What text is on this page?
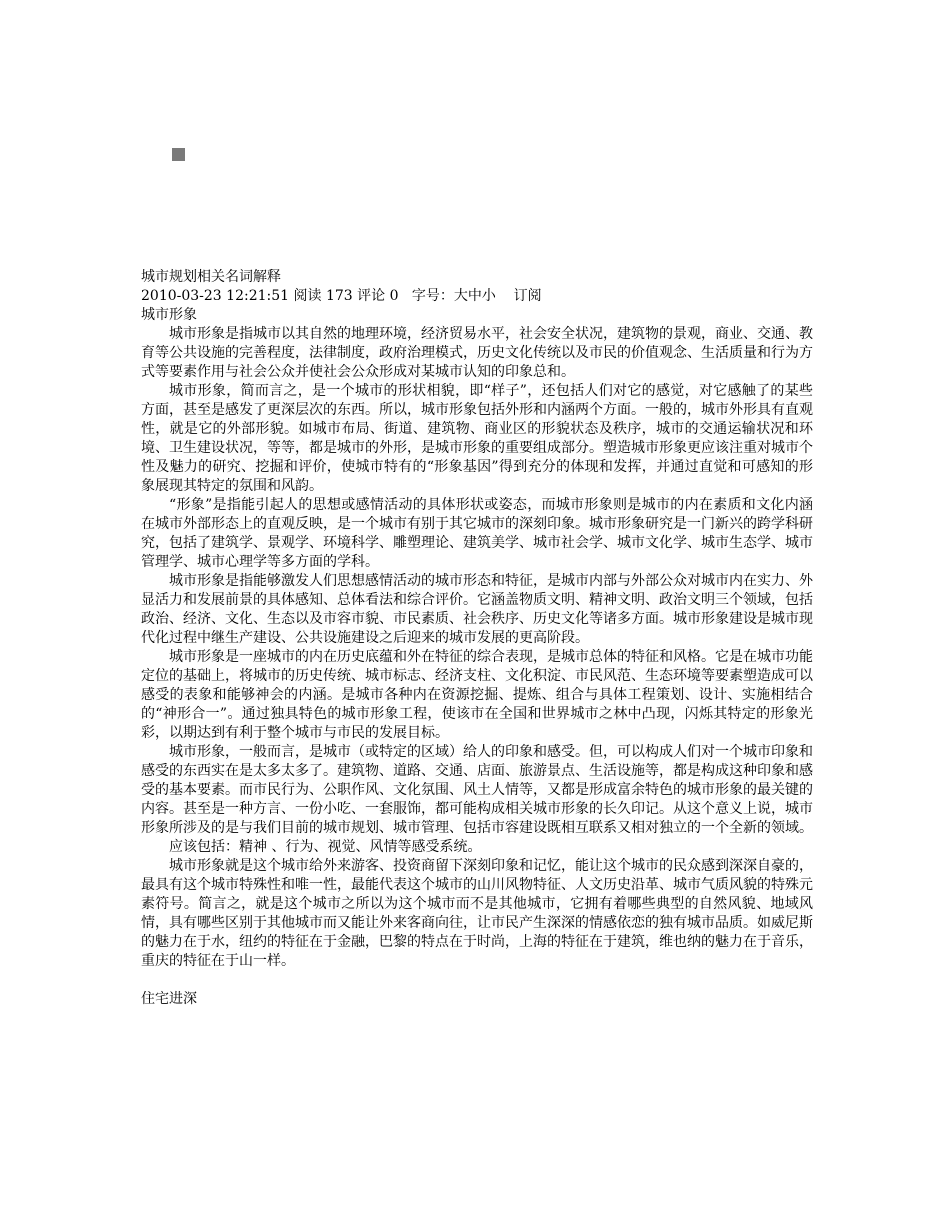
城市规划相关名词解释
2010-03-23 12:21:51 阅读 173 评论 0 字号：大中小 订阅
城市形象

城市形象是指城市以其自然的地理环境，经济贸易水平，社会安全状况，建筑物的景观，商业、交通、教育等公共设施的完善程度，法律制度，政府治理模式，历史文化传统以及市民的价值观念、生活质量和行为方式等要素作用与社会公众并使社会公众形成对某城市认知的印象总和。

城市形象，简而言之，是一个城市的形状相貌，即“样子”，还包括人们对它的感觉，对它感触了的某些方面，甚至是感发了更深层次的东西。所以，城市形象包括外形和内涵两个方面。一般的，城市外形具有直观性，就是它的外部形貌。如城市布局、街道、建筑物、商业区的形貌状态及秩序，城市的交通运输状况和环境、卫生建设状况，等等，都是城市的外形，是城市形象的重要组成部分。塑造城市形象更应该注重对城市个性及魅力的研究、挖掘和评价，使城市特有的“形象基因”得到充分的体现和发挥，并通过直觉和可感知的形象展现其特定的氛围和风韵。

“形象”是指能引起人的思想或感情活动的具体形状或姿态，而城市形象则是城市的内在素质和文化内涵在城市外部形态上的直观反映，是一个城市有别于其它城市的深刻印象。城市形象研究是一门新兴的跨学科研究，包括了建筑学、景观学、环境科学、雕塑理论、建筑美学、城市社会学、城市文化学、城市生态学、城市管理学、城市心理学等多方面的学科。

城市形象是指能够激发人们思想感情活动的城市形态和特征，是城市内部与外部公众对城市内在实力、外显活力和发展前景的具体感知、总体看法和综合评价。它涵盖物质文明、精神文明、政治文明三个领域，包括政治、经济、文化、生态以及市容市貌、市民素质、社会秩序、历史文化等诸多方面。城市形象建设是城市现代化过程中继生产建设、公共设施建设之后迎来的城市发展的更高阶段。

城市形象是一座城市的内在历史底蕴和外在特征的综合表现，是城市总体的特征和风格。它是在城市功能定位的基础上，将城市的历史传统、城市标志、经济支柱、文化积淀、市民风范、生态环境等要素塑造成可以感受的表象和能够神会的内涵。是城市各种内在资源挖掘、提炼、组合与具体工程策划、设计、实施相结合的“神形合一”。通过独具特色的城市形象工程，使该市在全国和世界城市之林中凸现，闪烁其特定的形象光彩，以期达到有利于整个城市与市民的发展目标。

城市形象，一般而言，是城市（或特定的区域）给人的印象和感受。但，可以构成人们对一个城市印象和感受的东西实在是太多太多了。建筑物、道路、交通、店面、旅游景点、生活设施等，都是构成这种印象和感受的基本要素。而市民行为、公职作风、文化氛围、风土人情等，又都是形成富余特色的城市形象的最关键的内容。甚至是一种方言、一份小吃、一套服饰，都可能构成相关城市形象的长久印记。从这个意义上说，城市形象所涉及的是与我们目前的城市规划、城市管理、包括市容建设既相互联系又相对独立的一个全新的领域。

应该包括：精神 、行为、视觉、风情等感受系统。

城市形象就是这个城市给外来游客、投资商留下深刻印象和记忆，能让这个城市的民众感到深深自豪的，最具有这个城市特殊性和唯一性，最能代表这个城市的山川风物特征、人文历史沿革、城市气质风貌的特殊元素符号。简言之，就是这个城市之所以为这个城市而不是其他城市，它拥有着哪些典型的自然风貌、地域风情，具有哪些区别于其他城市而又能让外来客商向往，让市民产生深深的情感依恋的独有城市品质。如威尼斯的魅力在于水，纽约的特征在于金融，巴黎的特点在于时尚，上海的特征在于建筑，维也纳的魅力在于音乐，重庆的特征在于山一样。

住宅进深
